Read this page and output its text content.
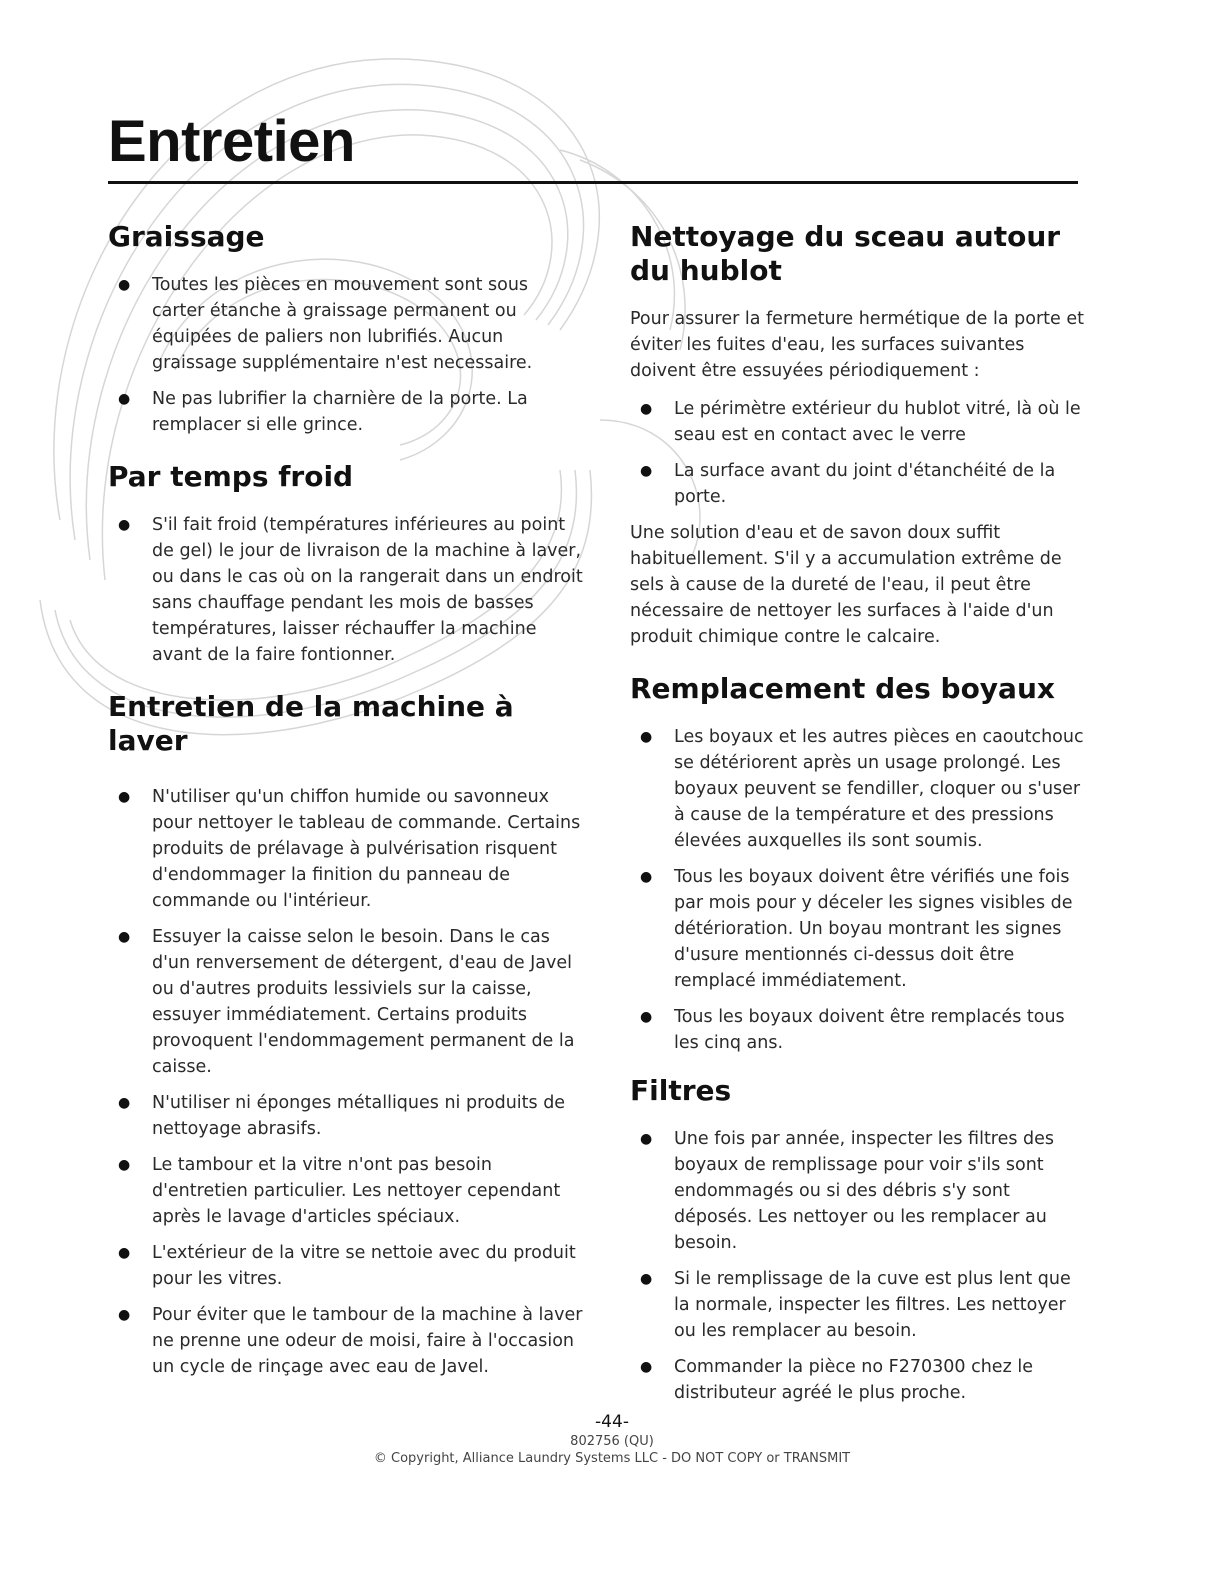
Entretien
Graissage
● Toutes les pièces en mouvement sont sous carter étanche à graissage permanent ou équipées de paliers non lubrifiés. Aucun graissage supplémentaire n'est necessaire.
● Ne pas lubrifier la charnière de la porte. La remplacer si elle grince.
Par temps froid
● S'il fait froid (températures inférieures au point de gel) le jour de livraison de la machine à laver, ou dans le cas où on la rangerait dans un endroit sans chauffage pendant les mois de basses températures, laisser réchauffer la machine avant de la faire fontionner.
Entretien de la machine à laver
● N'utiliser qu'un chiffon humide ou savonneux pour nettoyer le tableau de commande. Certains produits de prélavage à pulvérisation risquent d'endommager la finition du panneau de commande ou l'intérieur.
● Essuyer la caisse selon le besoin. Dans le cas d'un renversement de détergent, d'eau de Javel ou d'autres produits lessiviels sur la caisse, essuyer immédiatement. Certains produits provoquent l'endommagement permanent de la caisse.
● N'utiliser ni éponges métalliques ni produits de nettoyage abrasifs.
● Le tambour et la vitre n'ont pas besoin d'entretien particulier. Les nettoyer cependant après le lavage d'articles spéciaux.
● L'extérieur de la vitre se nettoie avec du produit pour les vitres.
● Pour éviter que le tambour de la machine à laver ne prenne une odeur de moisi, faire à l'occasion un cycle de rinçage avec eau de Javel.
Nettoyage du sceau autour du hublot

Pour assurer la fermeture hermétique de la porte et éviter les fuites d'eau, les surfaces suivantes doivent être essuyées périodiquement :

● Le périmètre extérieur du hublot vitré, là où le seau est en contact avec le verre
● La surface avant du joint d'étanchéité de la porte.

Une solution d'eau et de savon doux suffit habituellement. S'il y a accumulation extrême de sels à cause de la dureté de l'eau, il peut être nécessaire de nettoyer les surfaces à l'aide d'un produit chimique contre le calcaire.

Remplacement des boyaux
● Les boyaux et les autres pièces en caoutchouc se détériorent après un usage prolongé. Les boyaux peuvent se fendiller, cloquer ou s'user à cause de la température et des pressions élevées auxquelles ils sont soumis.
● Tous les boyaux doivent être vérifiés une fois par mois pour y déceler les signes visibles de détérioration. Un boyau montrant les signes d'usure mentionnés ci-dessus doit être remplacé immédiatement.
● Tous les boyaux doivent être remplacés tous les cinq ans.
Filtres
● Une fois par année, inspecter les filtres des boyaux de remplissage pour voir s'ils sont endommagés ou si des débris s'y sont déposés. Les nettoyer ou les remplacer au besoin.
● Si le remplissage de la cuve est plus lent que la normale, inspecter les filtres. Les nettoyer ou les remplacer au besoin.
● Commander la pièce no F270300 chez le distributeur agréé le plus proche.
-44-
802756 (QU)
© Copyright, Alliance Laundry Systems LLC - DO NOT COPY or TRANSMIT
